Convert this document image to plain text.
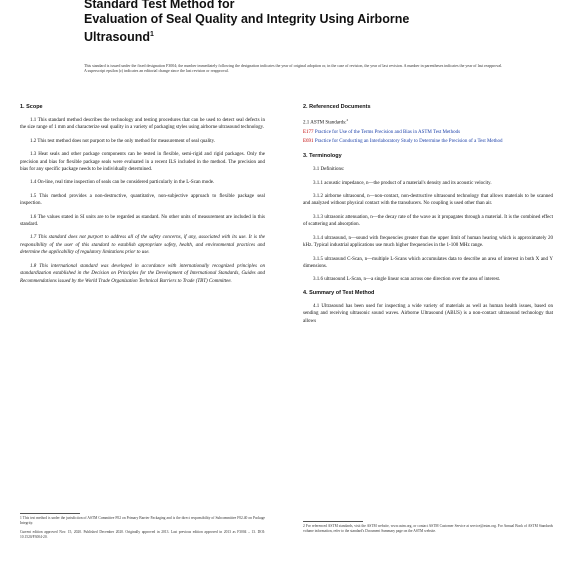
Standard Test Method for
Evaluation of Seal Quality and Integrity Using Airborne
Ultrasound$^1$
This standard is issued under the fixed designation F3004; the number immediately following the designation indicates the year of original adoption or, in the case of revision, the year of last revision. A number in parentheses indicates the year of last reapproval. A superscript epsilon (ε) indicates an editorial change since the last revision or reapproval.
1. Scope

1.1 This standard method describes the technology and testing procedures that can be used to detect seal defects in the size range of 1 mm and characterize seal quality in a variety of packaging styles using airborne ultrasound technology.

1.2 This test method does not purport to be the only method for measurement of seal quality.

1.3 Heat seals and other package components can be tested in flexible, semi-rigid and rigid packages. Only the precision and bias for flexible package seals were evaluated in a recent ILS included in the method. The precision and bias for any specific package needs to be individually determined.

1.4 On-line, real time inspection of seals can be considered particularly in the L-Scan mode.

1.5 This method provides a non-destructive, quantitative, non-subjective approach to flexible package seal inspection.

1.6 The values stated in SI units are to be regarded as standard. No other units of measurement are included in this standard.

1.7 This standard does not purport to address all of the safety concerns, if any, associated with its use. It is the responsibility of the user of this standard to establish appropriate safety, health, and environmental practices and determine the applicability of regulatory limitations prior to use.

1.8 This international standard was developed in accordance with internationally recognized principles on standardization established in the Decision on Principles for the Development of International Standards, Guides and Recommendations issued by the World Trade Organization Technical Barriers to Trade (TBT) Committee.

1 This test method is under the jurisdiction of ASTM Committee F02 on Primary Barrier Packaging and is the direct responsibility of Subcommittee F02.40 on Package Integrity.
Current edition approved Nov. 15, 2020. Published December 2020. Originally approved in 2013. Last previous edition approved in 2013 as F3004 – 13. DOI: 10.1520/F3004-20.
2. Referenced Documents
2.1 ASTM Standards:$^2$
E177 Practice for Use of the Terms Precision and Bias in ASTM Test Methods
E691 Practice for Conducting an Interlaboratory Study to Determine the Precision of a Test Method
3. Terminology

3.1 Definitions:

3.1.1 acoustic impedance, n—the product of a material's density and its acoustic velocity.

3.1.2 airborne ultrasound, n—non-contact, non-destructive ultrasound technology that allows materials to be scanned and analyzed without physical contact with the transducers. No coupling is used other than air.

3.1.3 ultrasonic attenuation, n—the decay rate of the wave as it propagates through a material. It is the combined effect of scattering and absorption.

3.1.4 ultrasound, n—sound with frequencies greater than the upper limit of human hearing which is approximately 20 kHz. Typical industrial applications use much higher frequencies in the 1-100 MHz range.

3.1.5 ultrasound C-Scan, n—multiple L-Scans which accumulates data to describe an area of interest in both X and Y dimensions.

3.1.6 ultrasound L-Scan, n—a single linear scan across one direction over the area of interest.

4. Summary of Test Method

4.1 Ultrasound has been used for inspecting a wide variety of materials as well as human health issues, based on sending and receiving ultrasonic sound waves. Airborne Ultrasound (ABUS) is a non-contact ultrasound technology that allows

2 For referenced ASTM standards, visit the ASTM website, www.astm.org, or contact ASTM Customer Service at service@astm.org. For Annual Book of ASTM Standards volume information, refer to the standard's Document Summary page on the ASTM website.
